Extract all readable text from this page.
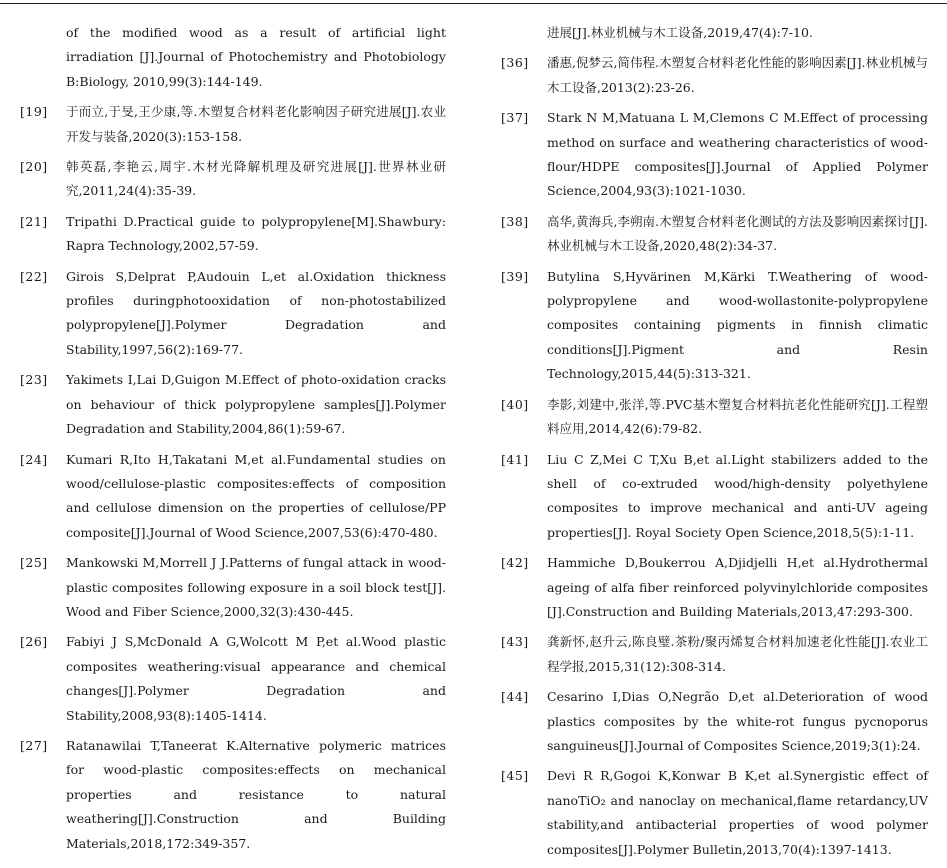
of the modified wood as a result of artificial light irradiation [J].Journal of Photochemistry and Photobiology B:Biology, 2010,99(3):144-149.
[19]	于而立,于旻,王少康,等.木塑复合材料老化影响因子研究进展[J].农业开发与装备,2020(3):153-158.
[20]	韩英磊,李艳云,周宇.木材光降解机理及研究进展[J].世界林业研究,2011,24(4):35-39.
[21]	Tripathi D.Practical guide to polypropylene[M].Shawbury: Rapra Technology,2002,57-59.
[22]	Girois S,Delprat P,Audouin L,et al.Oxidation thickness profiles duringphotooxidation of non-photostabilized polypropylene[J].Polymer Degradation and Stability,1997,56(2):169-77.
[23]	Yakimets I,Lai D,Guigon M.Effect of photo-oxidation cracks on behaviour of thick polypropylene samples[J].Polymer Degradation and Stability,2004,86(1):59-67.
[24]	Kumari R,Ito H,Takatani M,et al.Fundamental studies on wood/cellulose-plastic composites:effects of composition and cellulose dimension on the properties of cellulose/PP composite[J].Journal of Wood Science,2007,53(6):470-480.
[25]	Mankowski M,Morrell J J.Patterns of fungal attack in wood-plastic composites following exposure in a soil block test[J]. Wood and Fiber Science,2000,32(3):430-445.
[26]	Fabiyi J S,McDonald A G,Wolcott M P,et al.Wood plastic composites weathering:visual appearance and chemical changes[J].Polymer Degradation and Stability,2008,93(8):1405-1414.
[27]	Ratanawilai T,Taneerat K.Alternative polymeric matrices for wood-plastic composites:effects on mechanical properties and resistance to natural weathering[J].Construction and Building Materials,2018,172:349-357.
进展[J].林业机械与木工设备,2019,47(4):7-10.
[36]	潘惠,倪梦云,简伟程.木塑复合材料老化性能的影响因素[J].林业机械与木工设备,2013(2):23-26.
[37]	Stark N M,Matuana L M,Clemons C M.Effect of processing method on surface and weathering characteristics of wood-flour/HDPE composites[J].Journal of Applied Polymer Science,2004,93(3):1021-1030.
[38]	高华,黄海兵,李朔南.木塑复合材料老化测试的方法及影响因素探讨[J].林业机械与木工设备,2020,48(2):34-37.
[39]	Butylina S,Hyvärinen M,Kärki T.Weathering of wood-polypropylene and wood-wollastonite-polypropylene composites containing pigments in finnish climatic conditions[J].Pigment and Resin Technology,2015,44(5):313-321.
[40]	李影,刘建中,张洋,等.PVC基木塑复合材料抗老化性能研究[J].工程塑料应用,2014,42(6):79-82.
[41]	Liu C Z,Mei C T,Xu B,et al.Light stabilizers added to the shell of co-extruded wood/high-density polyethylene composites to improve mechanical and anti-UV ageing properties[J]. Royal Society Open Science,2018,5(5):1-11.
[42]	Hammiche D,Boukerrou A,Djidjelli H,et al.Hydrothermal ageing of alfa fiber reinforced polyvinylchloride composites [J].Construction and Building Materials,2013,47:293-300.
[43]	龚新怀,赵升云,陈良璧.茶粉/聚丙烯复合材料加速老化性能[J].农业工程学报,2015,31(12):308-314.
[44]	Cesarino I,Dias O,Negrão D,et al.Deterioration of wood plastics composites by the white-rot fungus pycnoporus sanguineus[J].Journal of Composites Science,2019;3(1):24.
[45]	Devi R R,Gogoi K,Konwar B K,et al.Synergistic effect of nanoTiO₂ and nanoclay on mechanical,flame retardancy,UV stability,and antibacterial properties of wood polymer composites[J].Polymer Bulletin,2013,70(4):1397-1413.
